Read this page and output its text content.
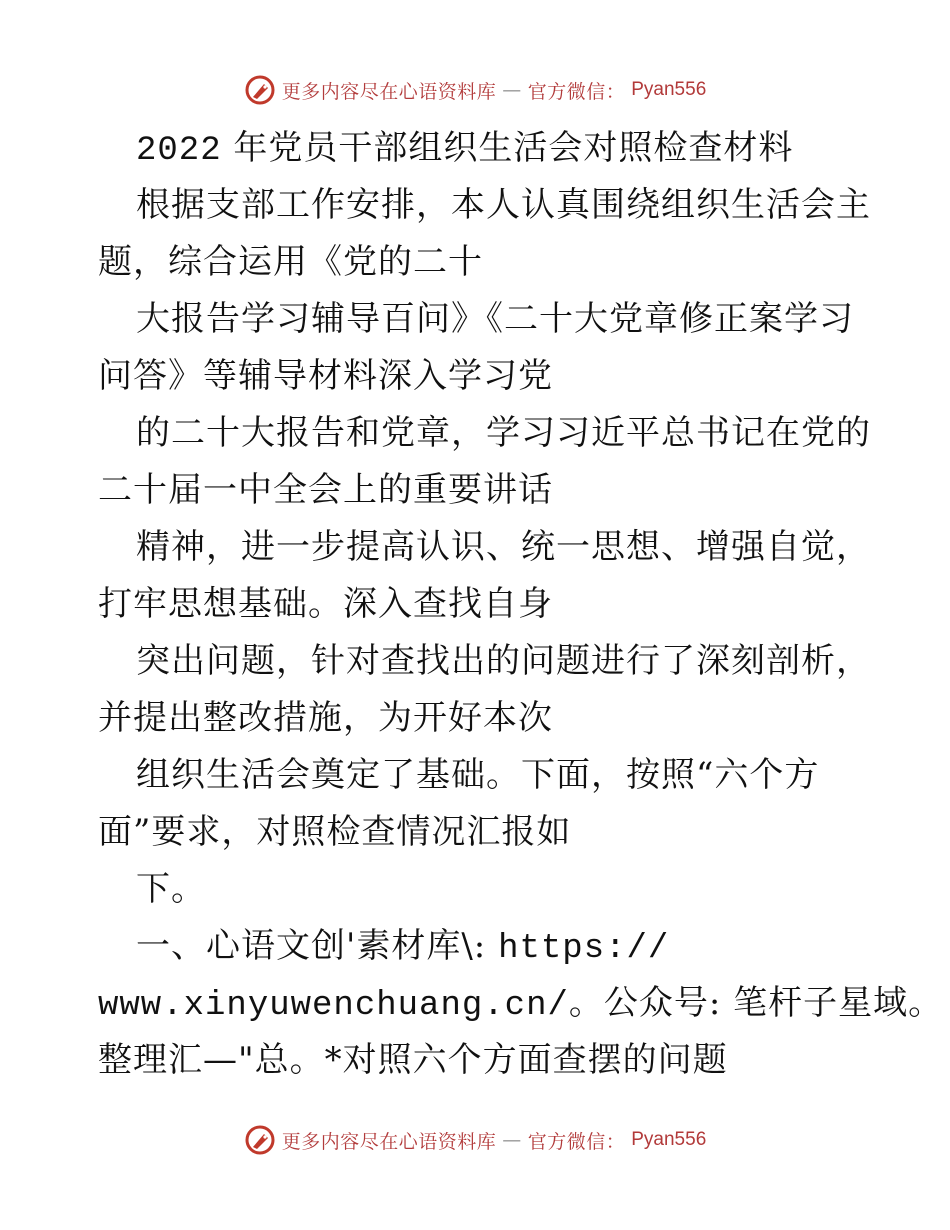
更多内容尽在心语资料库 — 官方微信： Pyan556
2022 年党员干部组织生活会对照检查材料
根据支部工作安排，本人认真围绕组织生活会主
题，综合运用《党的二十
大报告学习辅导百问》《二十大党章修正案学习
问答》等辅导材料深入学习党
的二十大报告和党章，学习习近平总书记在党的
二十届一中全会上的重要讲话
精神，进一步提高认识、统一思想、增强自觉，
打牢思想基础。深入查找自身
突出问题，针对查找出的问题进行了深刻剖析，
并提出整改措施，为开好本次
组织生活会奠定了基础。下面，按照“六个方
面”要求，对照检查情况汇报如
下。
一、心语文创'素材库\: https://
www.xinyuwenchuang.cn/。公众号: 笔杆子星域。
整理汇—"总。*对照六个方面查摆的问题
更多内容尽在心语资料库 — 官方微信： Pyan556
